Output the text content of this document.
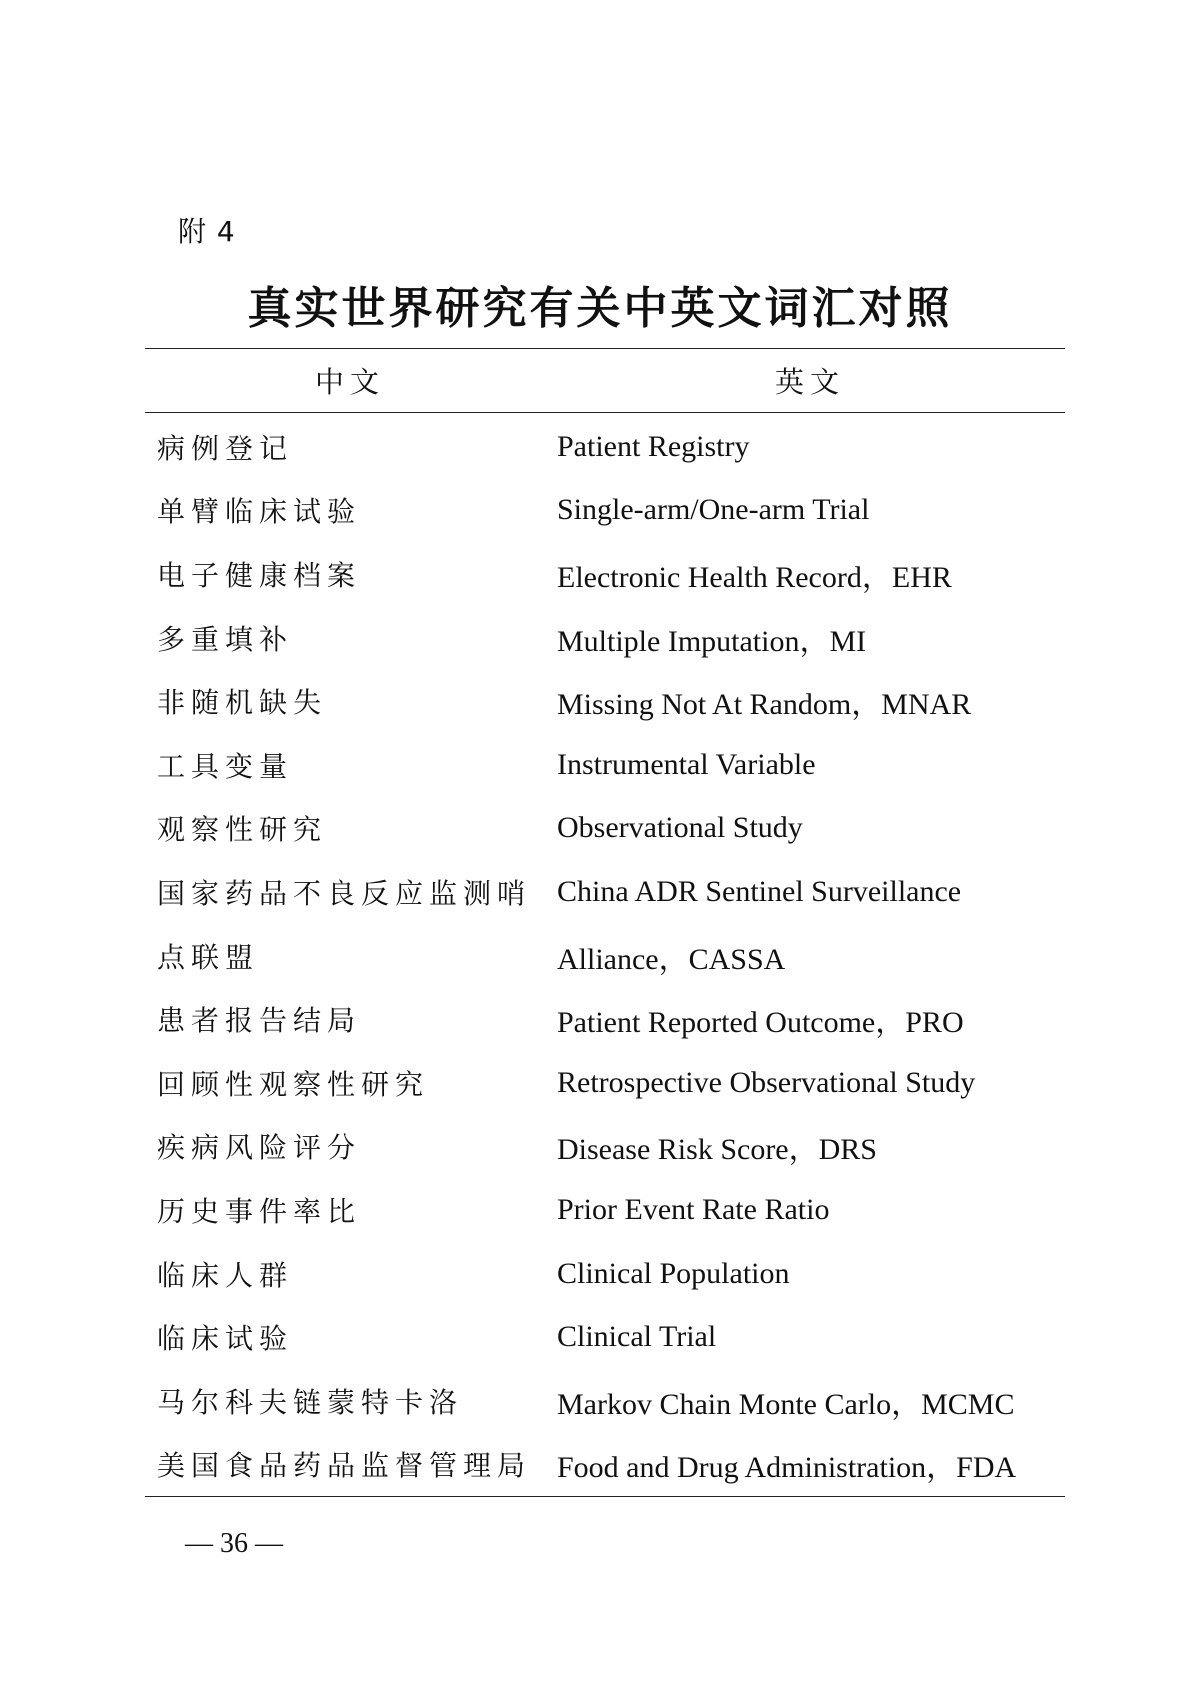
附 4
真实世界研究有关中英文词汇对照
中文	英文
病例登记	Patient Registry
单臂临床试验	Single-arm/One-arm Trial
电子健康档案	Electronic Health Record，EHR
多重填补	Multiple Imputation，MI
非随机缺失	Missing Not At Random，MNAR
工具变量	Instrumental Variable
观察性研究	Observational Study
国家药品不良反应监测哨 China ADR Sentinel Surveillance
点联盟	Alliance，CASSA
患者报告结局	Patient Reported Outcome，PRO
回顾性观察性研究	Retrospective Observational Study
疾病风险评分	Disease Risk Score，DRS
历史事件率比	Prior Event Rate Ratio
临床人群	Clinical Population
临床试验	Clinical Trial
马尔科夫链蒙特卡洛	Markov Chain Monte Carlo，MCMC
美国食品药品监督管理局 Food and Drug Administration，FDA
— 36 —
